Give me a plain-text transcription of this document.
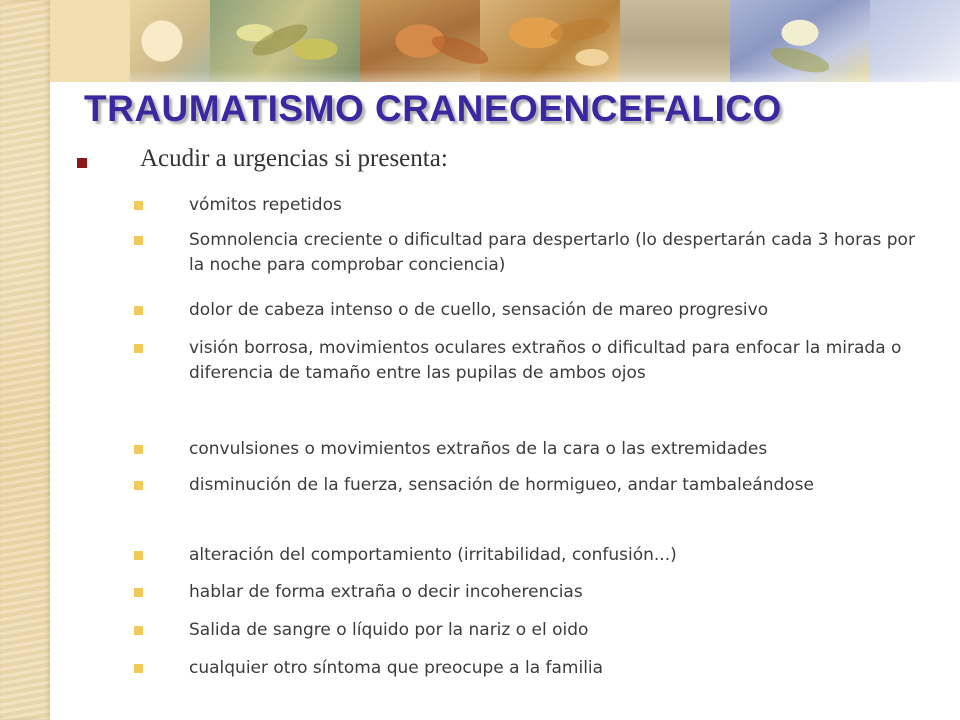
TRAUMATISMO CRANEOENCEFALICO
Acudir a urgencias si presenta:
vómitos repetidos
Somnolencia creciente o dificultad para despertarlo (lo despertarán cada 3 horas por la noche para comprobar conciencia)
dolor de cabeza intenso o de cuello, sensación de mareo progresivo
visión borrosa, movimientos oculares extraños o dificultad para enfocar la mirada o diferencia de tamaño entre las pupilas de ambos ojos
convulsiones o movimientos extraños de la cara o las extremidades
disminución de la fuerza, sensación de hormigueo, andar tambaleándose
alteración del comportamiento (irritabilidad, confusión...)
hablar de forma extraña o decir incoherencias
Salida de sangre o líquido por la nariz o el oido
cualquier otro síntoma que preocupe a la familia
